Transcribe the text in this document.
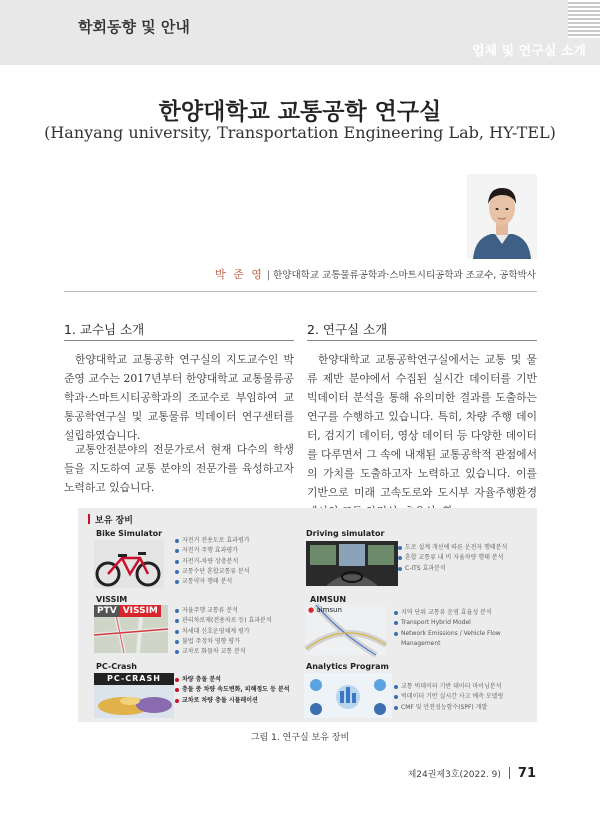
학회동향 및 안내
업체 및 연구실 소개
한양대학교 교통공학 연구실
(Hanyang university, Transportation Engineering Lab, HY-TEL)
박 준 영 | 한양대학교 교통물류공학과·스마트시티공학과 조교수, 공학박사
1. 교수님 소개

한양대학교 교통공학 연구실의 지도교수인 박준영 교수는 2017년부터 한양대학교 교통물류공학과·스마트시티공학과의 조교수로 부임하여 교통공학연구실 및 교통물류 빅데이터 연구센터를 설립하였습니다.

교통안전분야의 전문가로서 현재 다수의 학생들을 지도하여 교통 분야의 전문가를 육성하고자 노력하고 있습니다.

2. 연구실 소개

한양대학교 교통공학연구실에서는 교통 및 물류 제반 분야에서 수집된 실시간 데이터를 기반 빅데이터 분석을 통해 유의미한 결과를 도출하는 연구를 수행하고 있습니다. 특히, 차량 주행 데이터, 검지기 데이터, 영상 데이터 등 다양한 데이터를 다루면서 그 속에 내재된 교통공학적 관점에서의 가치를 도출하고자 노력하고 있습니다. 이를 기반으로 미래 고속도로와 도시부 자율주행환경

보유 장비
Bike Simulator
자전거 전용도로 효과평가
자전거 주행 효과평가
자전거-차량 상충분석
교통수단 혼합교통류 분석
교통약자 행태 분석
Driving simulator
도로 설계 개선에 따른 운전자 행태분석
혼합 교통류 내 비 자율차량 행태 분석
C-ITS 효과분석
VISSIM
PTV VISSIM	자율주행 교통류 분석
관리차로제(전용차로 등) 효과분석
차세대 신호운영체계 평가
불법 주정차 영향 평가
교차로 화물차 교통 분석
AIMSUN
● aimsun	지역 단위 교통류 운영 효율성 분석
Transport Hybrid Model
Network Emissions / Vehicle Flow Management
PC-Crash
PC-CRASH	차량 충돌 분석
충돌 중 차량 속도변화, 피해정도 등 분석
교차로 차량 충돌 시뮬레이션
Analytics Program
교통 빅데이터 기반 데이터 마이닝분석
빅데이터 기반 실시간 사고 예측 모델링
CMF 및 안전성능함수(SPF) 개발
그림 1. 연구실 보유 장비
제24권제3호(2022. 9) 71
